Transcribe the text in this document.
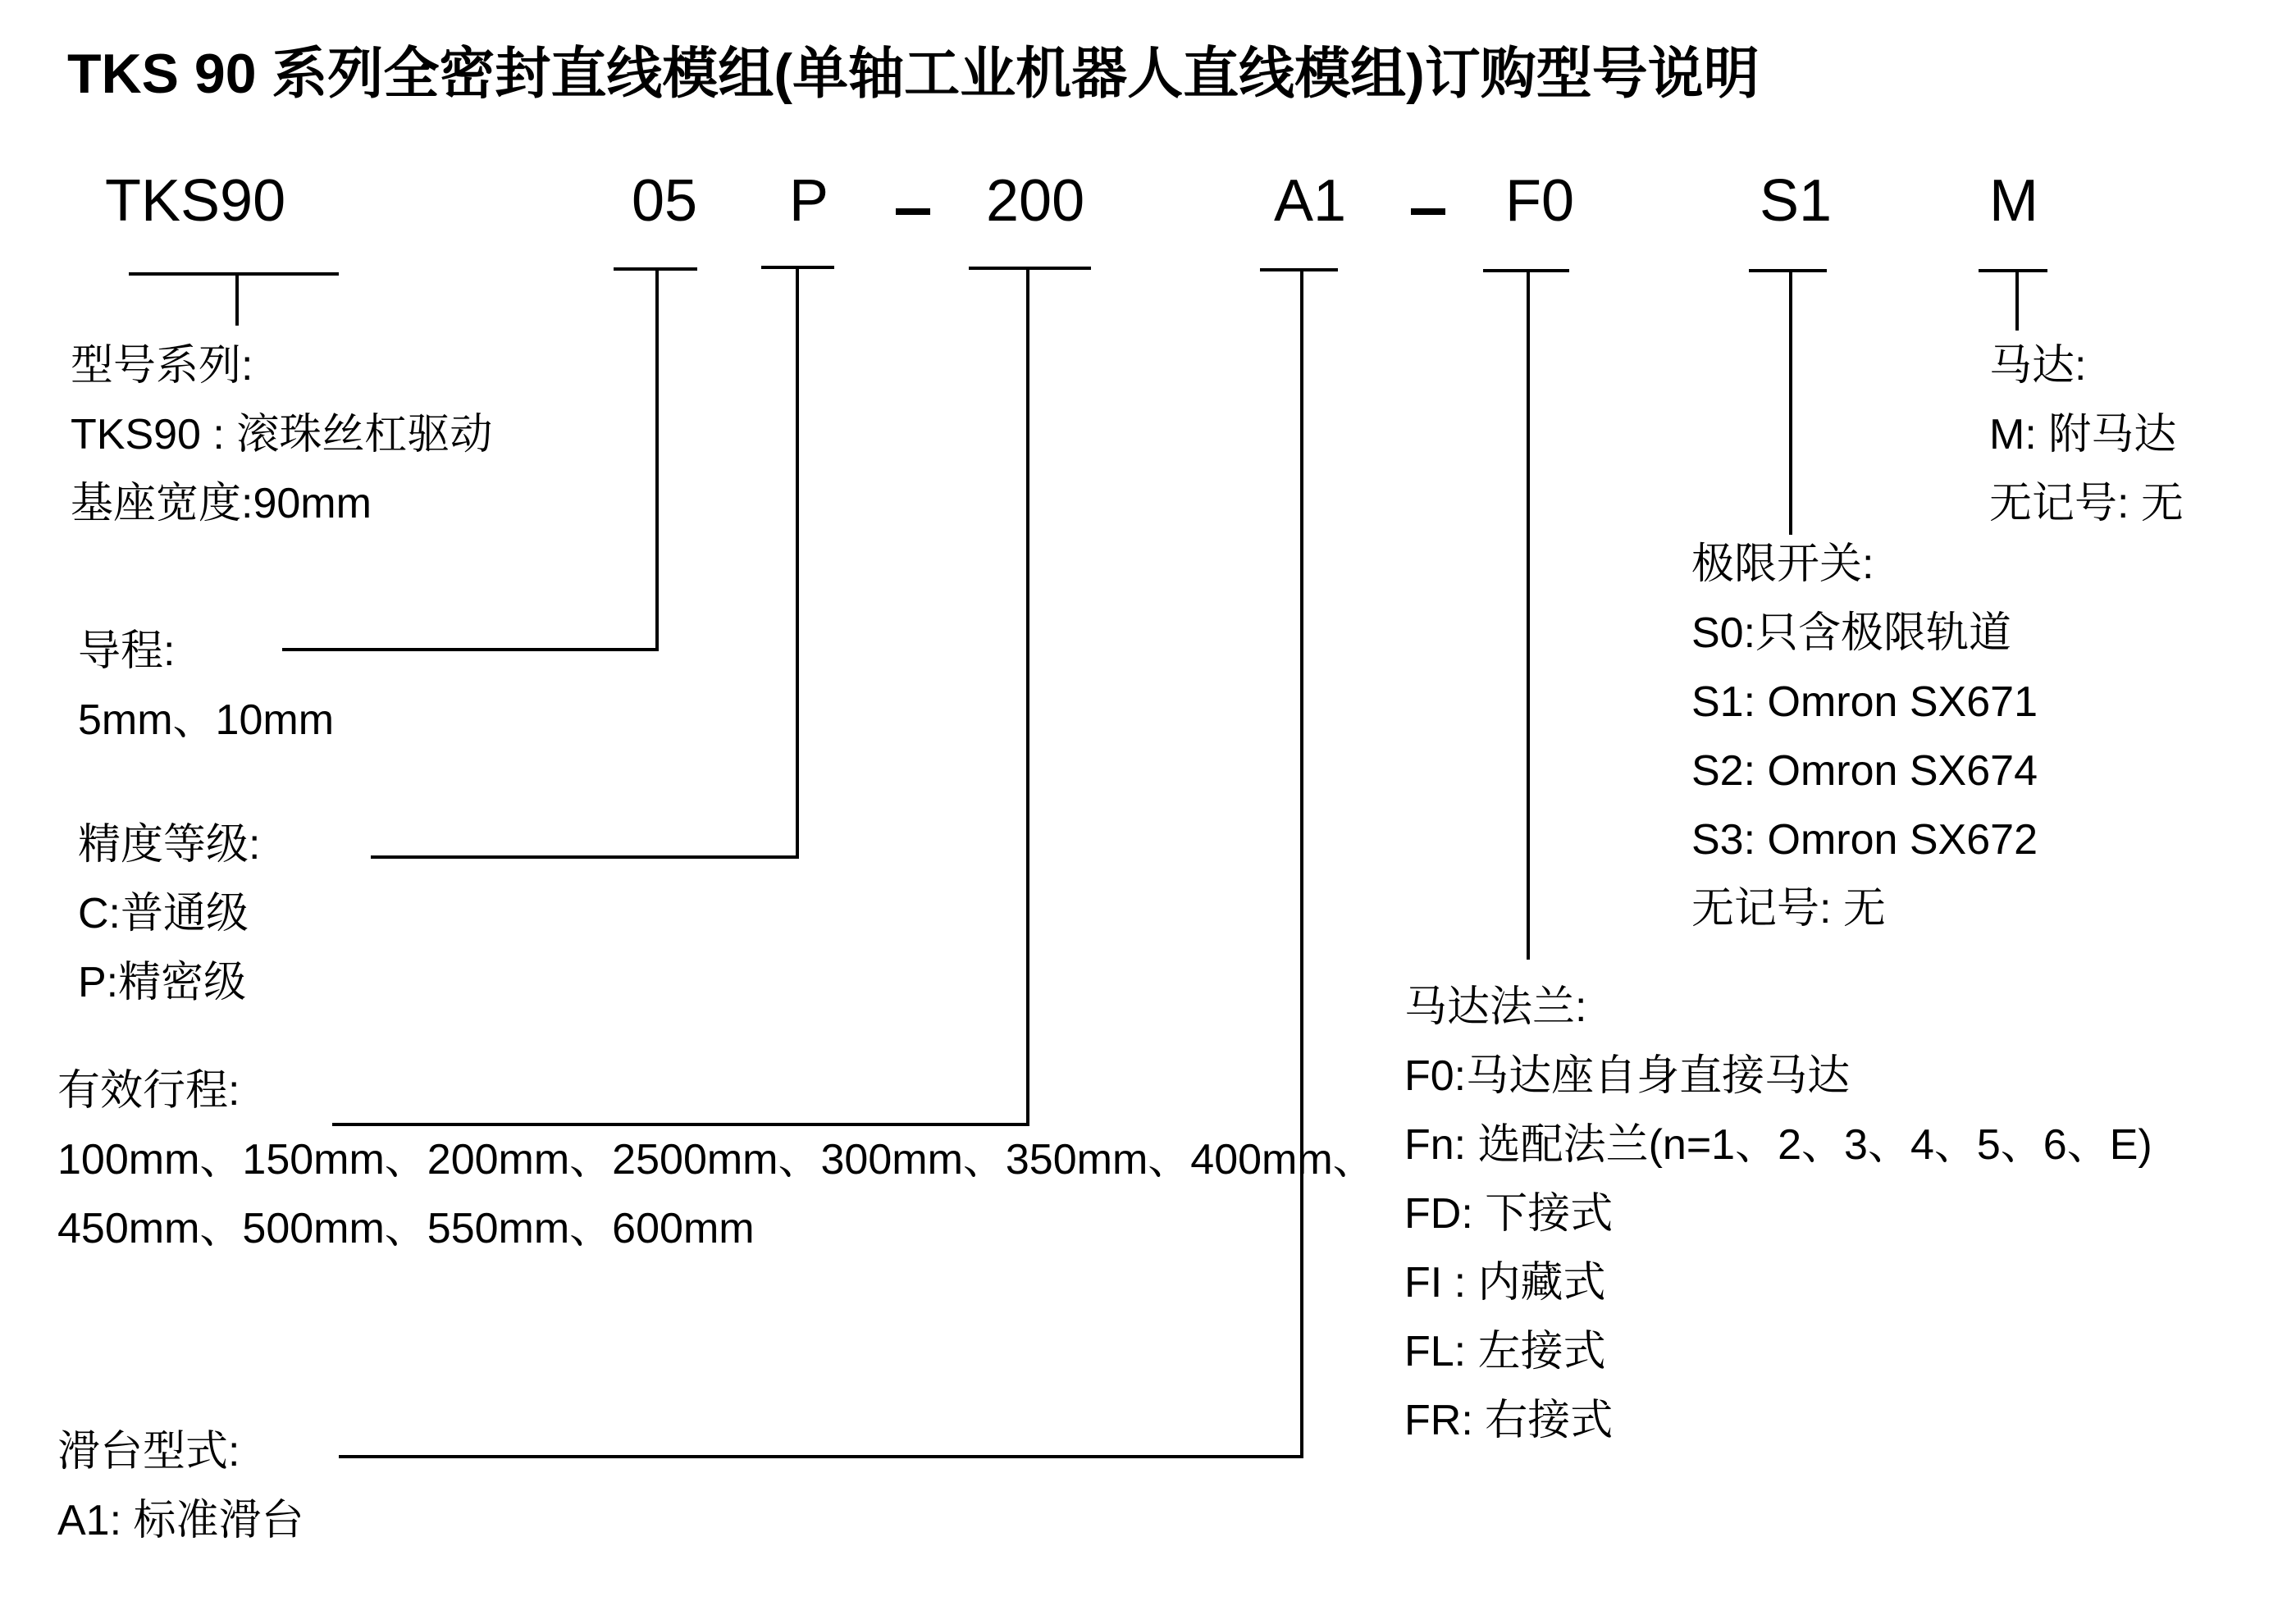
TKS 90 系列全密封直线模组(单轴工业机器人直线模组)订购型号说明
TKS90	05 P	200	A1	F0	S1	M
型号系列:
TKS90 : 滚珠丝杠驱动
基座宽度:90mm
导程:
5mm、10mm
精度等级:
C:普通级
P:精密级
有效行程:
100mm、150mm、200mm、2500mm、300mm、350mm、400mm、
450mm、500mm、550mm、600mm
滑台型式:
A1: 标准滑台
马达法兰:
F0:马达座自身直接马达
Fn: 选配法兰(n=1、2、3、4、5、6、E)
FD: 下接式
FI : 内藏式
FL: 左接式
FR: 右接式
极限开关:
S0:只含极限轨道
S1: Omron SX671
S2: Omron SX674
S3: Omron SX672
无记号: 无
马达:
M: 附马达
无记号: 无
